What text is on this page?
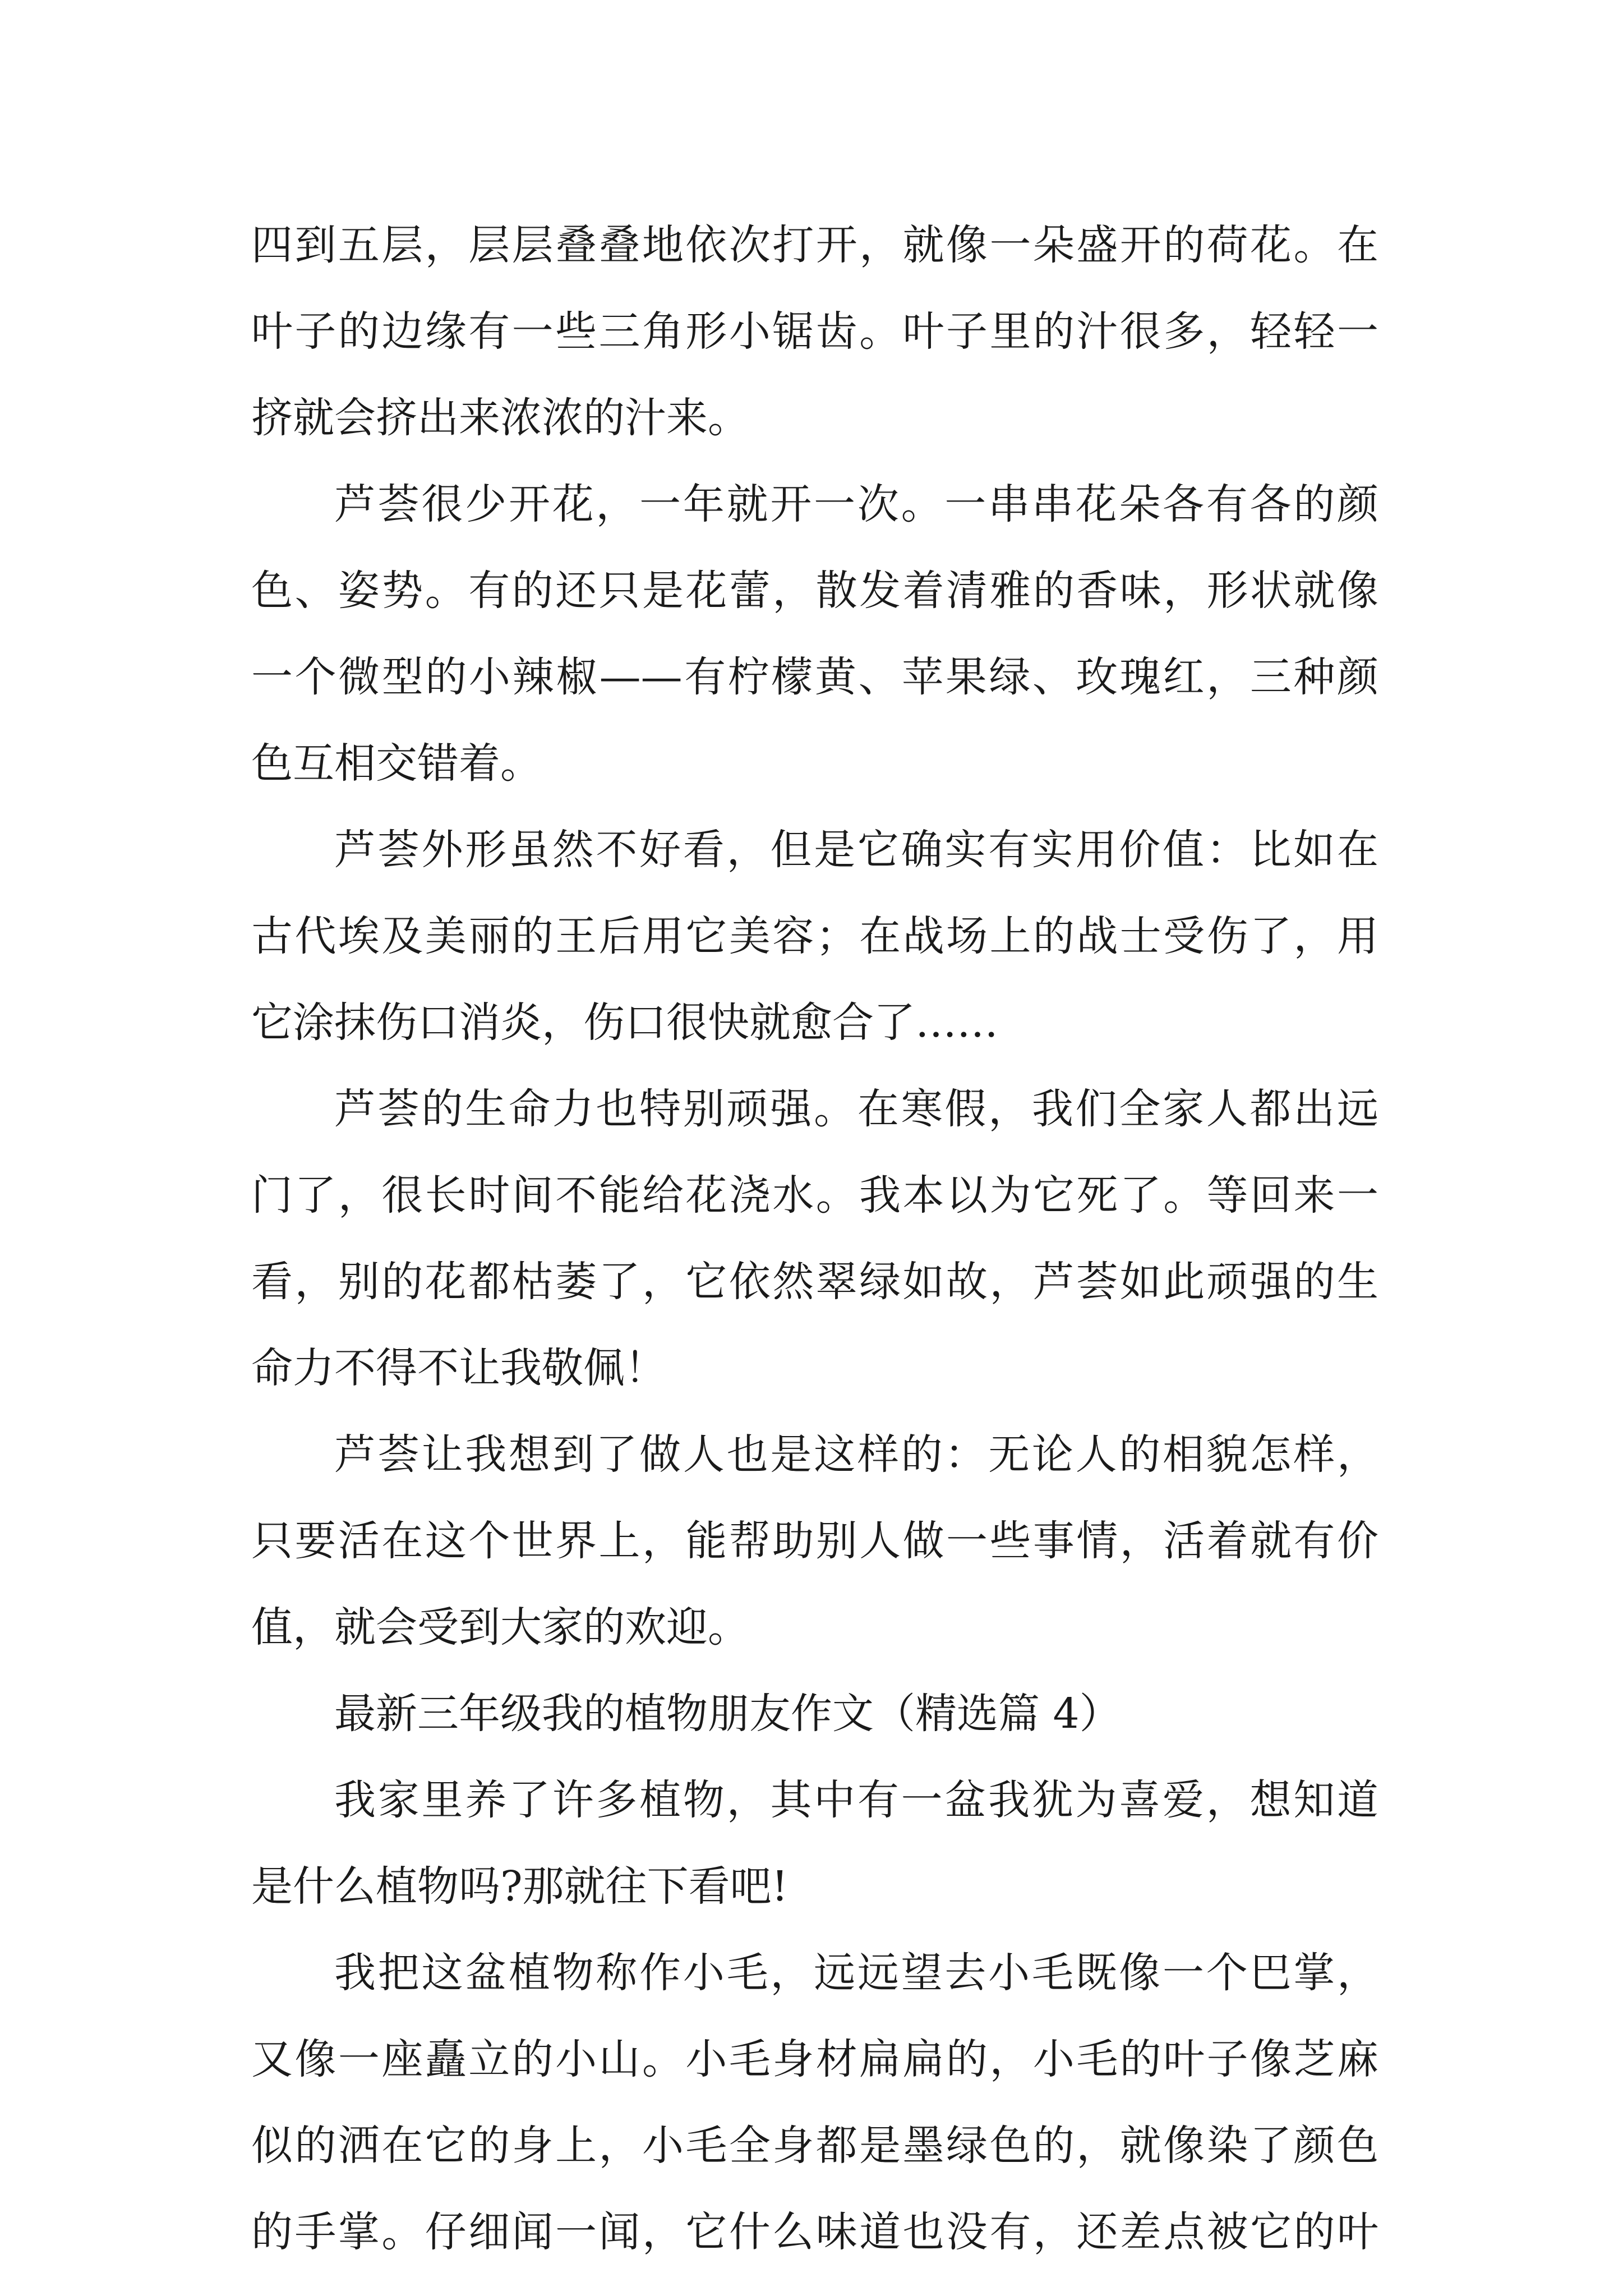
四到五层，层层叠叠地依次打开，就像一朵盛开的荷花。在
叶子的边缘有一些三角形小锯齿。叶子里的汁很多，轻轻一
挤就会挤出来浓浓的汁来。
芦荟很少开花，一年就开一次。一串串花朵各有各的颜
色、姿势。有的还只是花蕾，散发着清雅的香味，形状就像
一个微型的小辣椒——有柠檬黄、苹果绿、玫瑰红，三种颜
色互相交错着。
芦荟外形虽然不好看，但是它确实有实用价值：比如在
古代埃及美丽的王后用它美容；在战场上的战士受伤了，用
它涂抹伤口消炎，伤口很快就愈合了……
芦荟的生命力也特别顽强。在寒假，我们全家人都出远
门了，很长时间不能给花浇水。我本以为它死了。等回来一
看，别的花都枯萎了，它依然翠绿如故，芦荟如此顽强的生
命力不得不让我敬佩！
芦荟让我想到了做人也是这样的：无论人的相貌怎样，
只要活在这个世界上，能帮助别人做一些事情，活着就有价
值，就会受到大家的欢迎。
最新三年级我的植物朋友作文（精选篇 4）
我家里养了许多植物，其中有一盆我犹为喜爱，想知道
是什么植物吗?那就往下看吧!
我把这盆植物称作小毛，远远望去小毛既像一个巴掌，
又像一座矗立的小山。小毛身材扁扁的，小毛的叶子像芝麻
似的洒在它的身上，小毛全身都是墨绿色的，就像染了颜色
的手掌。仔细闻一闻，它什么味道也没有，还差点被它的叶
